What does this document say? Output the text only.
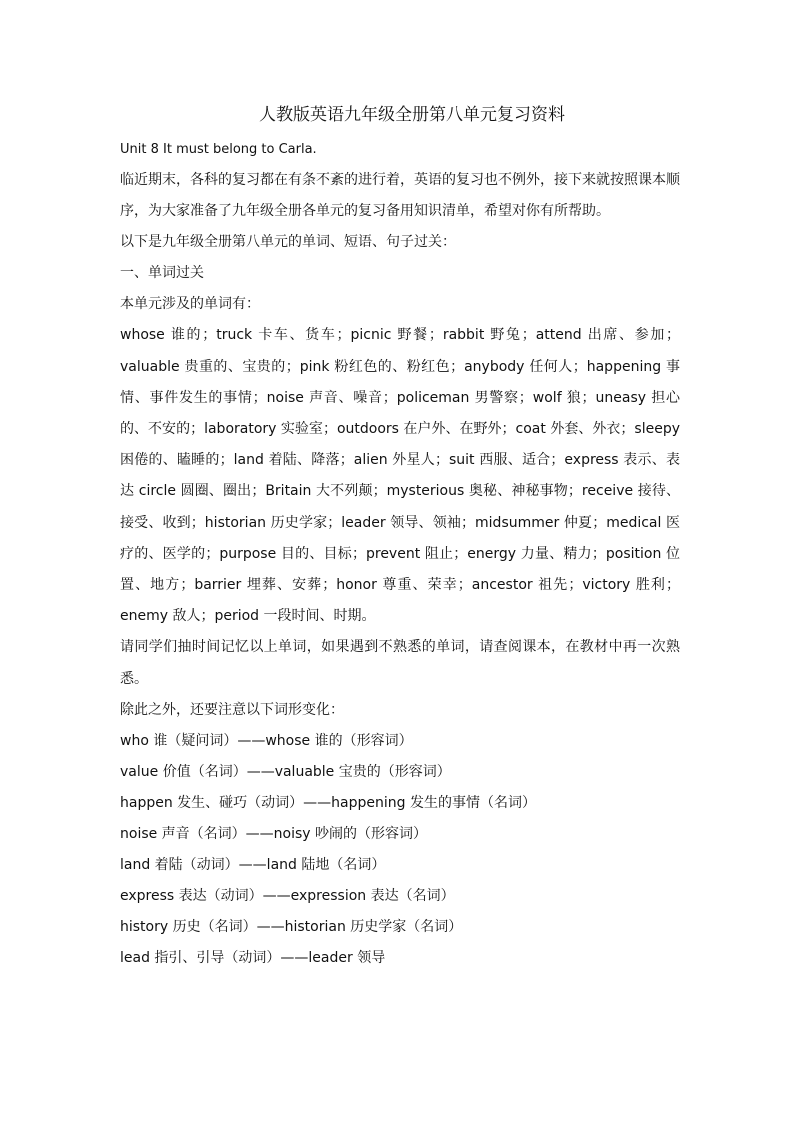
人教版英语九年级全册第八单元复习资料
Unit 8 It must belong to Carla.
临近期末，各科的复习都在有条不紊的进行着，英语的复习也不例外，接下来就按照课本顺序，为大家准备了九年级全册各单元的复习备用知识清单，希望对你有所帮助。
以下是九年级全册第八单元的单词、短语、句子过关：
一、单词过关
本单元涉及的单词有：
whose 谁的；truck 卡车、货车；picnic 野餐；rabbit 野兔；attend 出席、参加；valuable 贵重的、宝贵的；pink 粉红色的、粉红色；anybody 任何人；happening 事情、事件发生的事情；noise 声音、噪音；policeman 男警察；wolf 狼；uneasy 担心的、不安的；laboratory 实验室；outdoors 在户外、在野外；coat 外套、外衣；sleepy 困倦的、瞌睡的；land 着陆、降落；alien 外星人；suit 西服、适合；express 表示、表达 circle 圆圈、圈出；Britain 大不列颠；mysterious 奥秘、神秘事物；receive 接待、接受、收到；historian 历史学家；leader 领导、领袖；midsummer 仲夏；medical 医疗的、医学的；purpose 目的、目标；prevent 阻止；energy 力量、精力；position 位置、地方；barrier 埋葬、安葬；honor 尊重、荣幸；ancestor 祖先；victory 胜利；enemy 敌人；period 一段时间、时期。
请同学们抽时间记忆以上单词，如果遇到不熟悉的单词，请查阅课本，在教材中再一次熟悉。
除此之外，还要注意以下词形变化：
who 谁（疑问词）——whose 谁的（形容词）
value 价值（名词）——valuable 宝贵的（形容词）
happen 发生、碰巧（动词）——happening 发生的事情（名词）
noise 声音（名词）——noisy 吵闹的（形容词）
land 着陆（动词）——land 陆地（名词）
express 表达（动词）——expression 表达（名词）
history 历史（名词）——historian 历史学家（名词）
lead 指引、引导（动词）——leader 领导
